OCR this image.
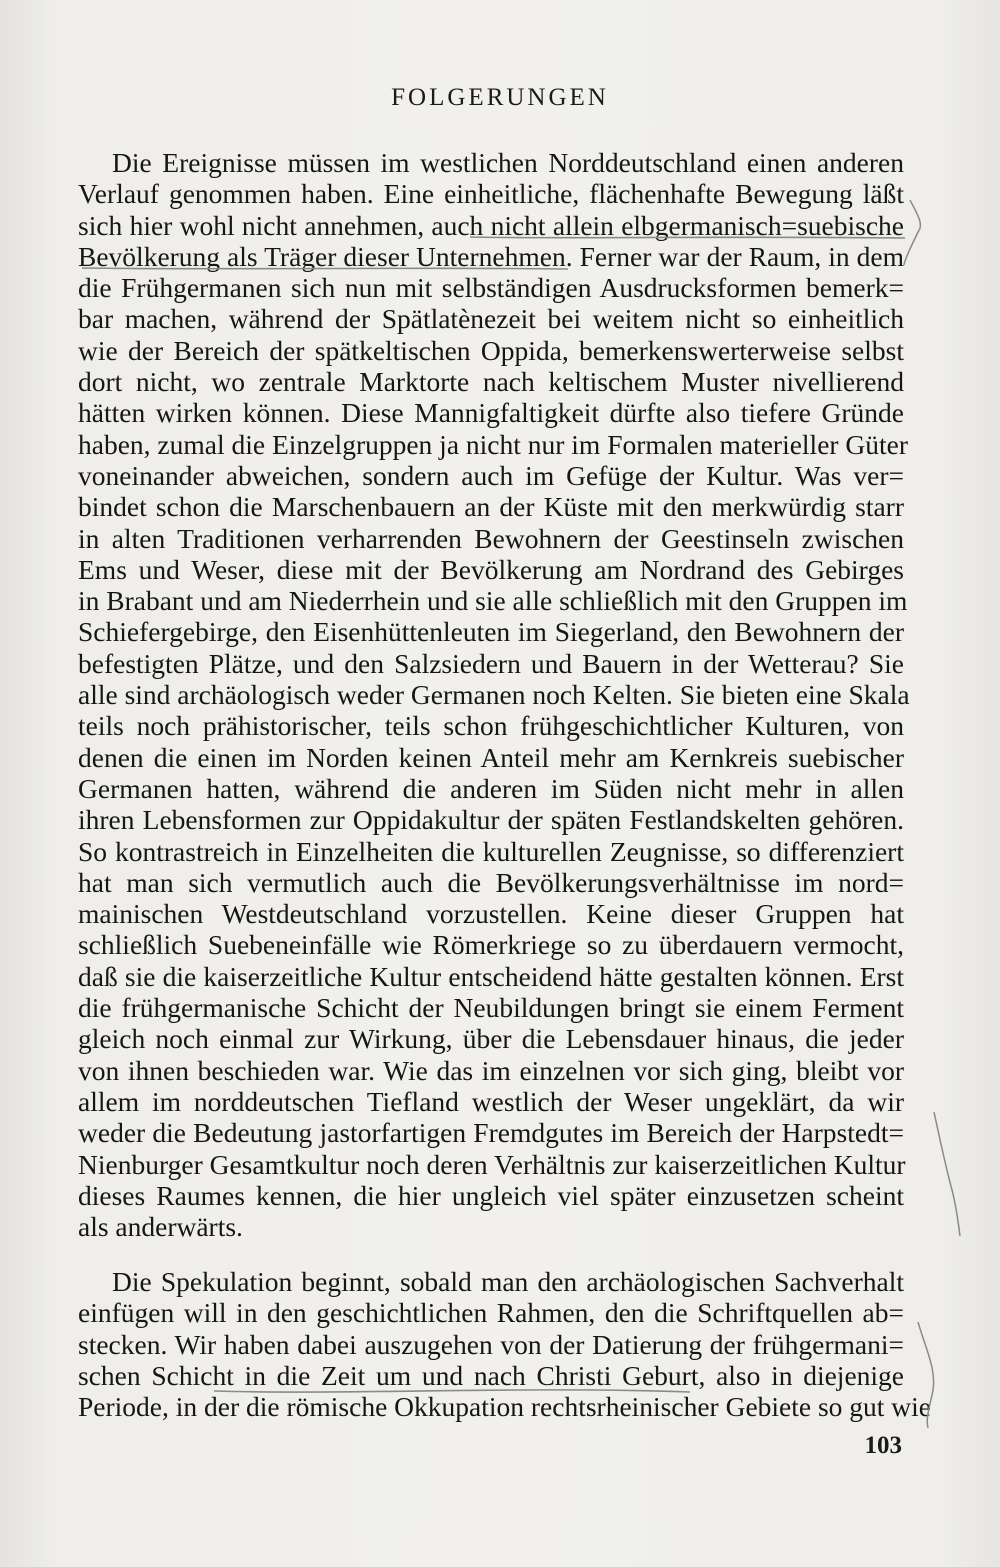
FOLGERUNGEN
Die Ereignisse müssen im westlichen Norddeutschland einen anderen
Verlauf genommen haben. Eine einheitliche, flächenhafte Bewegung läßt
sich hier wohl nicht annehmen, auch nicht allein elbgermanisch=suebische
Bevölkerung als Träger dieser Unternehmen. Ferner war der Raum, in dem
die Frühgermanen sich nun mit selbständigen Ausdrucksformen bemerk=
bar machen, während der Spätlatènezeit bei weitem nicht so einheitlich
wie der Bereich der spätkeltischen Oppida, bemerkenswerterweise selbst
dort nicht, wo zentrale Marktorte nach keltischem Muster nivellierend
hätten wirken können. Diese Mannigfaltigkeit dürfte also tiefere Gründe
haben, zumal die Einzelgruppen ja nicht nur im Formalen materieller Güter
voneinander abweichen, sondern auch im Gefüge der Kultur. Was ver=
bindet schon die Marschenbauern an der Küste mit den merkwürdig starr
in alten Traditionen verharrenden Bewohnern der Geestinseln zwischen
Ems und Weser, diese mit der Bevölkerung am Nordrand des Gebirges
in Brabant und am Niederrhein und sie alle schließlich mit den Gruppen im
Schiefergebirge, den Eisenhüttenleuten im Siegerland, den Bewohnern der
befestigten Plätze, und den Salzsiedern und Bauern in der Wetterau? Sie
alle sind archäologisch weder Germanen noch Kelten. Sie bieten eine Skala
teils noch prähistorischer, teils schon frühgeschichtlicher Kulturen, von
denen die einen im Norden keinen Anteil mehr am Kernkreis suebischer
Germanen hatten, während die anderen im Süden nicht mehr in allen
ihren Lebensformen zur Oppidakultur der späten Festlandskelten gehören.
So kontrastreich in Einzelheiten die kulturellen Zeugnisse, so differenziert
hat man sich vermutlich auch die Bevölkerungsverhältnisse im nord=
mainischen Westdeutschland vorzustellen. Keine dieser Gruppen hat
schließlich Suebeneinfälle wie Römerkriege so zu überdauern vermocht,
daß sie die kaiserzeitliche Kultur entscheidend hätte gestalten können. Erst
die frühgermanische Schicht der Neubildungen bringt sie einem Ferment
gleich noch einmal zur Wirkung, über die Lebensdauer hinaus, die jeder
von ihnen beschieden war. Wie das im einzelnen vor sich ging, bleibt vor
allem im norddeutschen Tiefland westlich der Weser ungeklärt, da wir
weder die Bedeutung jastorfartigen Fremdgutes im Bereich der Harpstedt=
Nienburger Gesamtkultur noch deren Verhältnis zur kaiserzeitlichen Kultur
dieses Raumes kennen, die hier ungleich viel später einzusetzen scheint
als anderwärts.
Die Spekulation beginnt, sobald man den archäologischen Sachverhalt
einfügen will in den geschichtlichen Rahmen, den die Schriftquellen ab=
stecken. Wir haben dabei auszugehen von der Datierung der frühgermani=
schen Schicht in die Zeit um und nach Christi Geburt, also in diejenige
Periode, in der die römische Okkupation rechtsrheinischer Gebiete so gut wie
103
